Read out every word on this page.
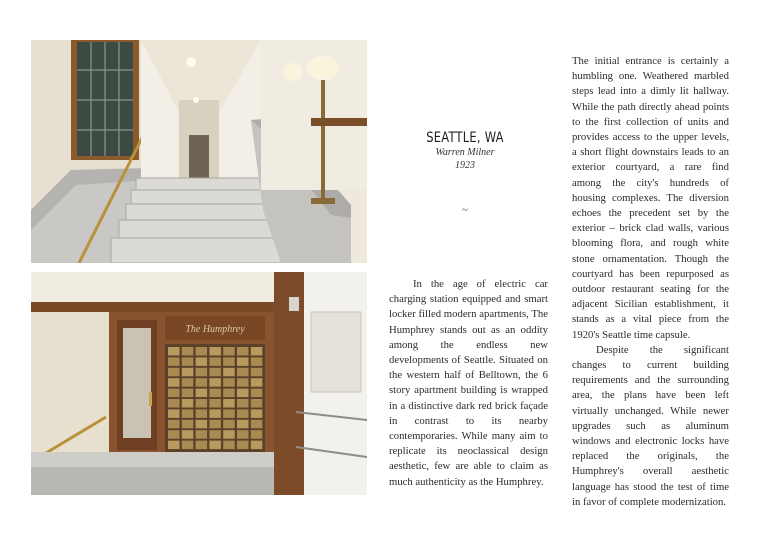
The Humphrey
SEATTLE, WA
Warren Milner
1923
~

In the age of electric car charging station equipped and smart locker filled modern apartments, The Humphrey stands out as an oddity among the endless new developments of Seattle. Situated on the western half of Belltown, the 6 story apartment building is wrapped in a distinctive dark red brick façade in contrast to its nearby contemporaries. While many aim to replicate its neoclassical design aesthetic, few are able to claim as much authenticity as the Humphrey.

The initial entrance is certainly a humbling one. Weathered marbled steps lead into a dimly lit hallway. While the path directly ahead points to the first collection of units and provides access to the upper levels, a short flight downstairs leads to an exterior courtyard, a rare find among the city's hundreds of housing complexes. The diversion echoes the precedent set by the exterior – brick clad walls, various blooming flora, and rough white stone ornamentation. Though the courtyard has been repurposed as outdoor restaurant seating for the adjacent Sicilian establishment, it stands as a vital piece from the 1920's Seattle time capsule.

Despite the significant changes to current building requirements and the surrounding area, the plans have been left virtually unchanged. While newer upgrades such as aluminum windows and electronic locks have replaced the originals, the Humphrey's overall aesthetic language has stood the test of time in favor of complete modernization.
